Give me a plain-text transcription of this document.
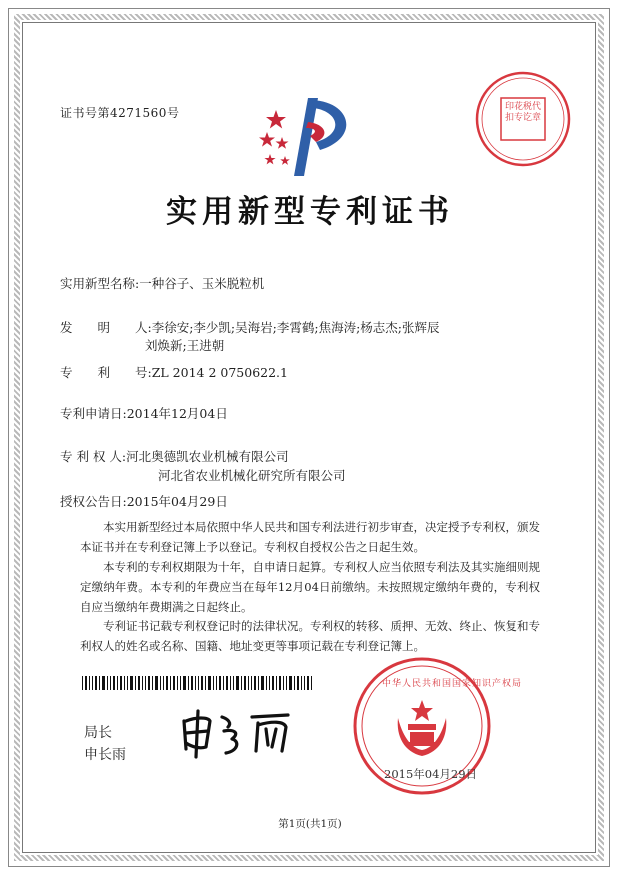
证书号第4271560号
实用新型专利证书
实用新型名称:一种谷子、玉米脱粒机
发　　明　　人:李徐安;李少凯;吴海岩;李霄鹤;焦海涛;杨志杰;张辉辰
刘焕新;王进朝
专　　利　　号:ZL 2014 2 0750622.1
专利申请日:2014年12月04日
专 利 权 人:河北奥德凯农业机械有限公司
河北省农业机械化研究所有限公司
授权公告日:2015年04月29日
本实用新型经过本局依照中华人民共和国专利法进行初步审查，决定授予专利权，颁发本证书并在专利登记簿上予以登记。专利权自授权公告之日起生效。
本专利的专利权期限为十年，自申请日起算。专利权人应当依照专利法及其实施细则规定缴纳年费。本专利的年费应当在每年12月04日前缴纳。未按照规定缴纳年费的，专利权自应当缴纳年费期满之日起终止。
专利证书记载专利权登记时的法律状况。专利权的转移、质押、无效、终止、恢复和专利权人的姓名或名称、国籍、地址变更等事项记载在专利登记簿上。
局长
申长雨
印花税代扣专讫章
中华人民共和国国家知识产权局
2015年04月29日
第1页(共1页)
